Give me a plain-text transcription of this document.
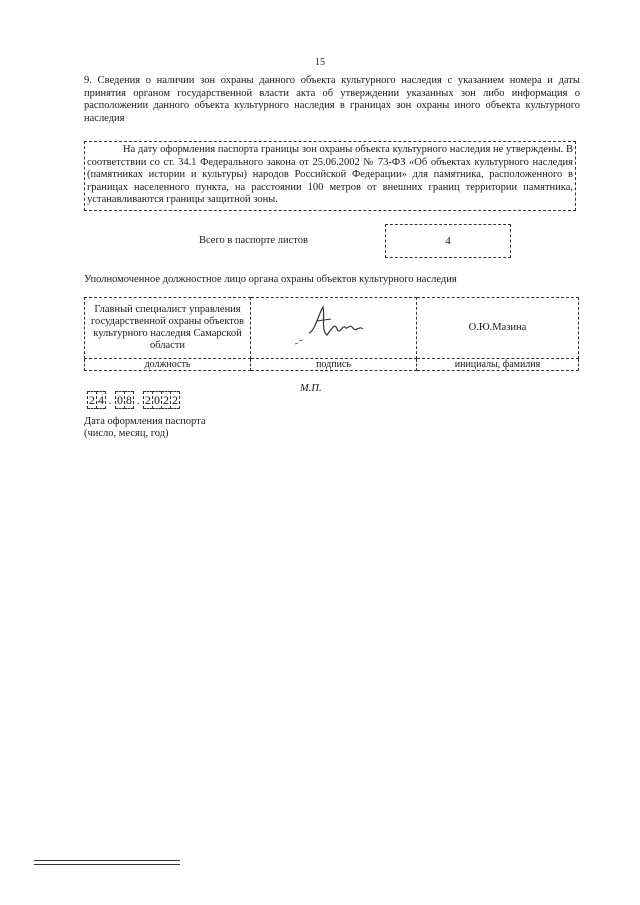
15
9. Сведения о наличии зон охраны данного объекта культурного наследия с указанием номера и даты принятия органом государственной власти акта об утверждении указанных зон либо информация о расположении данного объекта культурного наследия в границах зон охраны иного объекта культурного наследия

На дату оформления паспорта границы зон охраны объекта культурного наследия не утверждены. В соответствии со ст. 34.1 Федерального закона от 25.06.2002 № 73-ФЗ «Об объектах культурного наследия (памятниках истории и культуры) народов Российской Федерации» для памятника, расположенного в границах населенного пункта, на расстоянии 100 метров от внешних границ территории памятника, устанавливаются границы защитной зоны.

Всего в паспорте листов	4
Уполномоченное должностное лицо органа охраны объектов культурного наследия
Главный специалист управления государственной охраны объектов культурного наследия Самарской области	Мазин	О.Ю.Мазина
должность	подпись	инициалы, фамилия
М.П.
2 4 . 0 8 . 2 0 2 2
Дата оформления паспорта
(число, месяц, год)
